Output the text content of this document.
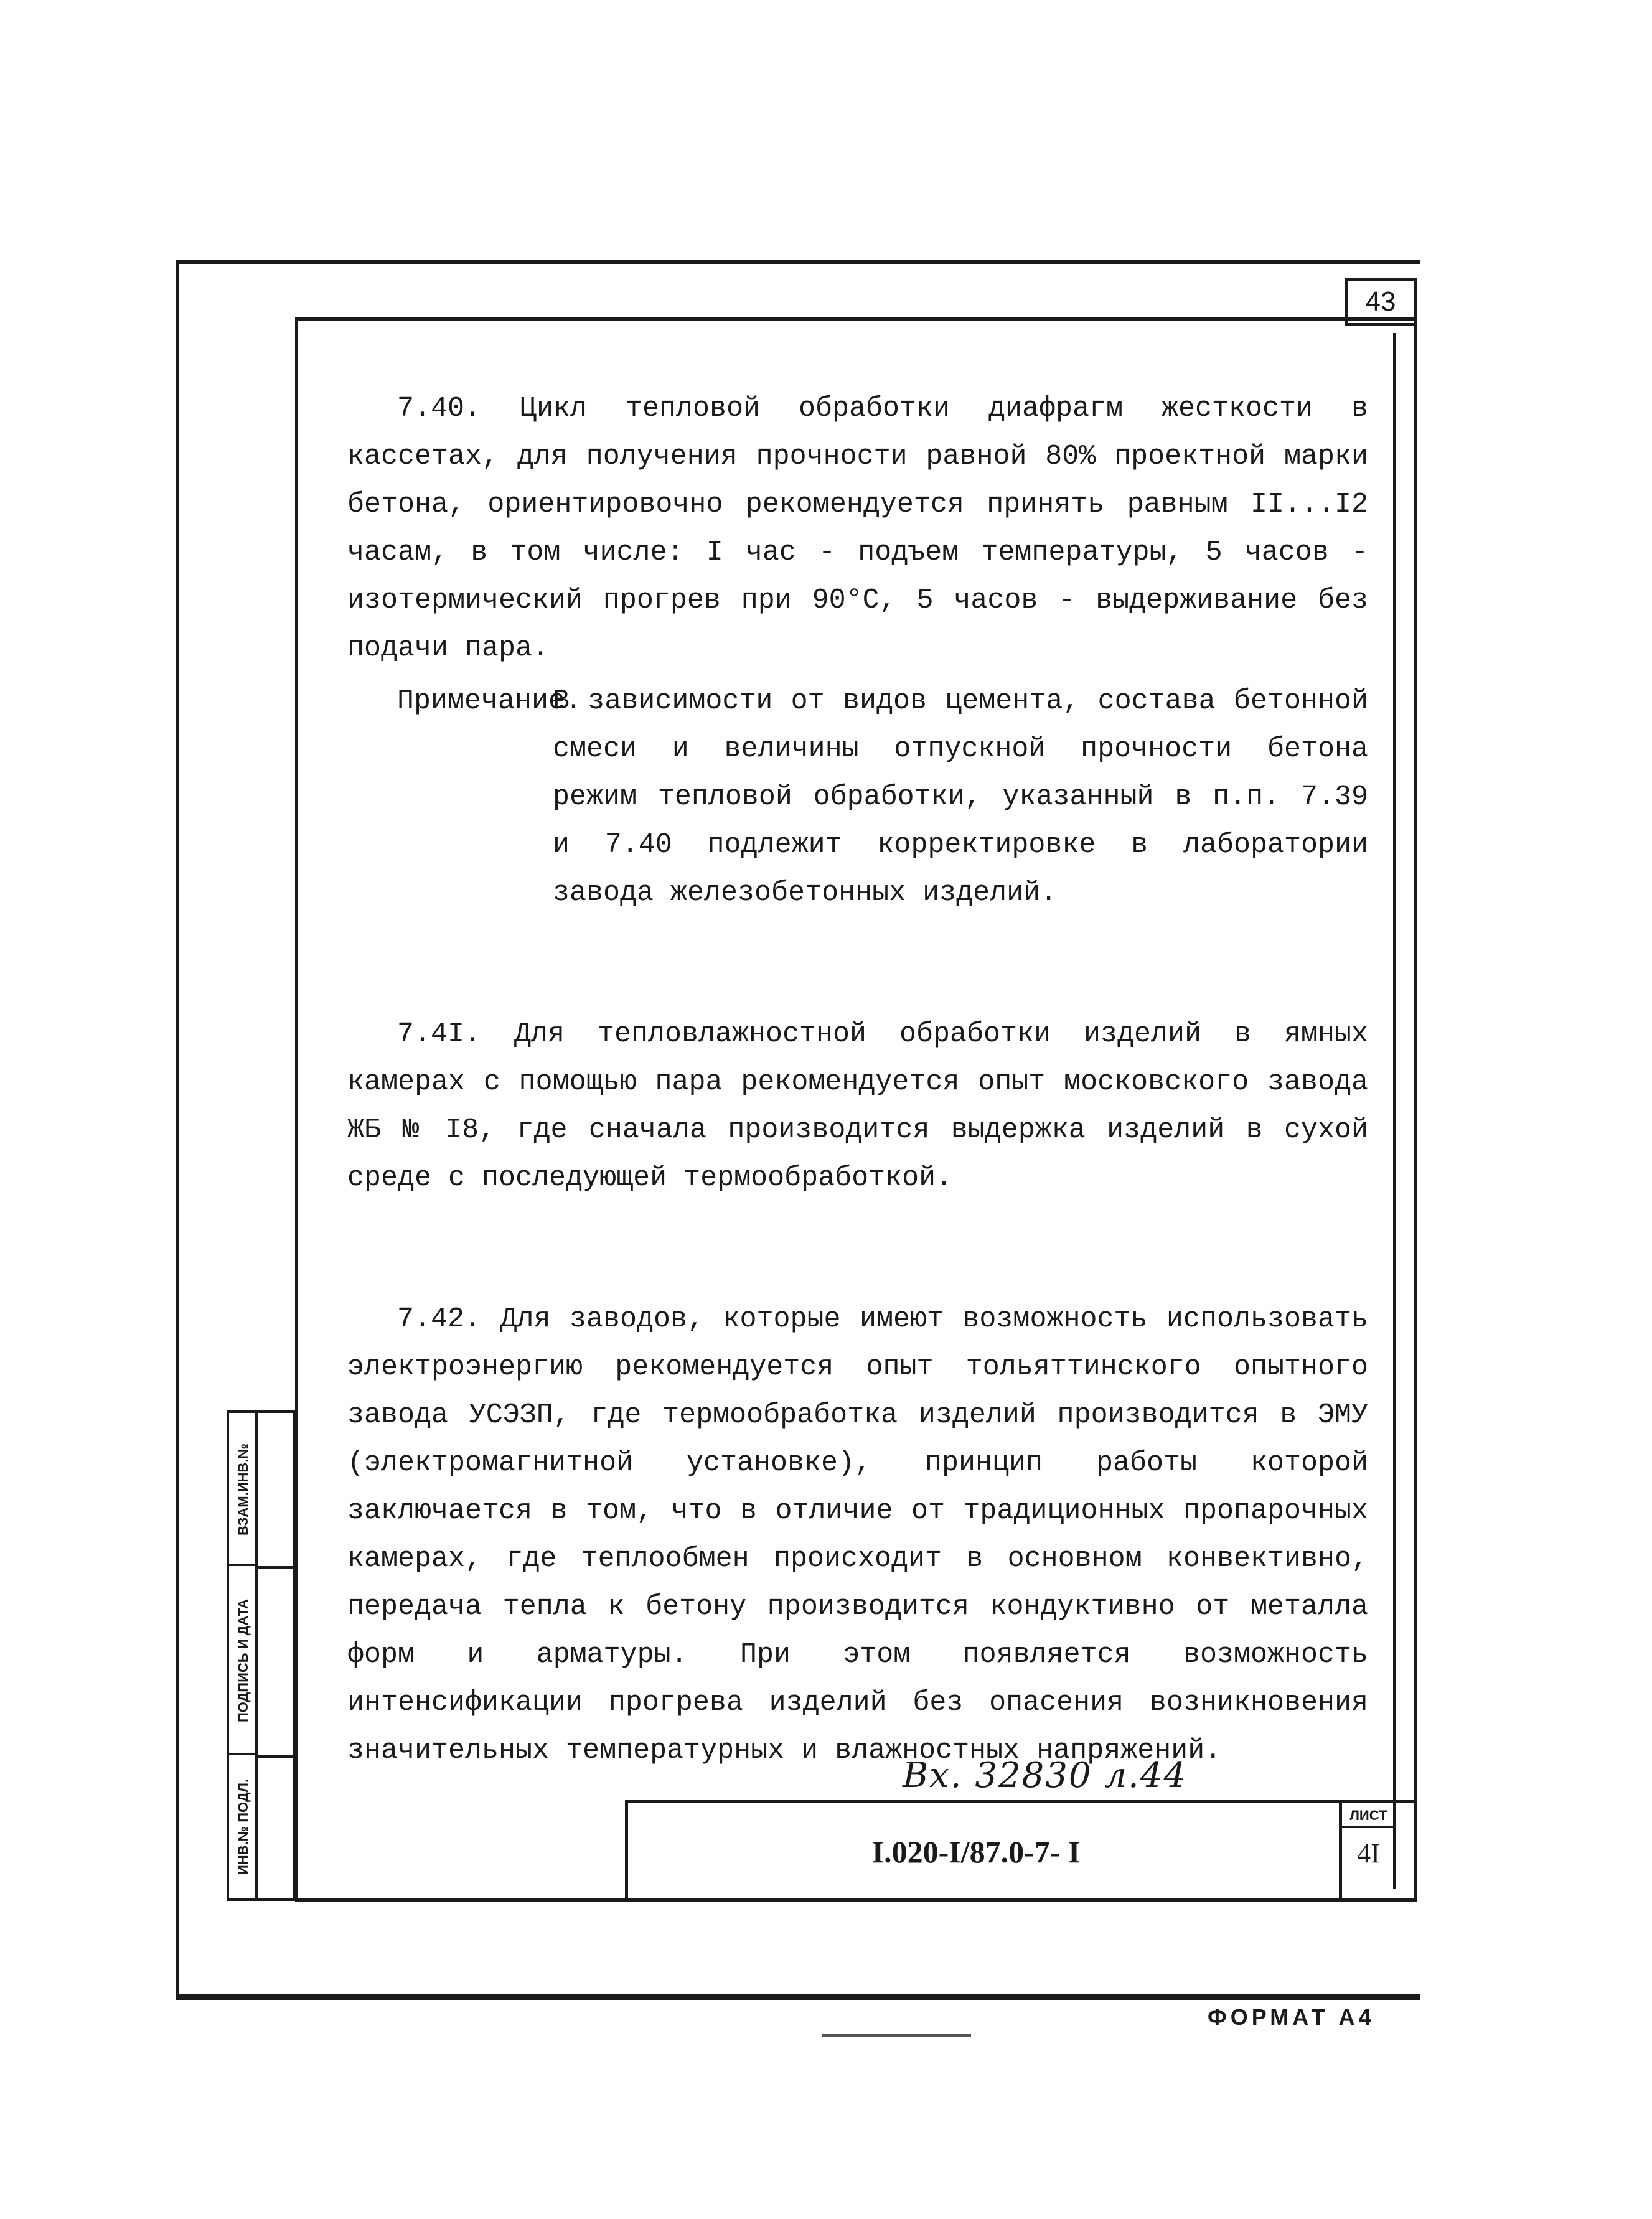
43

7.40. Цикл тепловой обработки диафрагм жесткости в кассетах, для получения прочности равной 80% проектной марки бетона, ориентировочно рекомендуется принять равным II...I2 часам, в том числе: I час - подъем температуры, 5 часов - изотермический прогрев при 90°С, 5 часов - выдерживание без подачи пара.

Примечание.
В зависимости от видов цемента, состава бетонной смеси и величины отпускной прочности бетона режим тепловой обработки, указанный в п.п. 7.39 и 7.40 подлежит корректировке в лаборатории завода железобетонных изделий.

7.4I. Для тепловлажностной обработки изделий в ямных камерах с помощью пара рекомендуется опыт московского завода ЖБ № I8, где сначала производится выдержка изделий в сухой среде с последующей термообработкой.

7.42. Для заводов, которые имеют возможность использовать электроэнергию рекомендуется опыт тольяттинского опытного завода УСЭЗП, где термообработка изделий производится в ЭМУ (электромагнитной установке), принцип работы которой заключается в том, что в отличие от традиционных пропарочных камерах, где теплообмен происходит в основном конвективно, передача тепла к бетону производится кондуктивно от металла форм и арматуры. При этом появляется возможность интенсификации прогрева изделий без опасения возникновения значительных температурных и влажностных напряжений.

ВЗАМ.ИНВ.№
ПОДПИСЬ И ДАТА
ИНВ.№ ПОДЛ.
Вх. 32830 л.44
I.020-I/87.0-7- I
ЛИСТ
4I
ФОРМАТ А4
